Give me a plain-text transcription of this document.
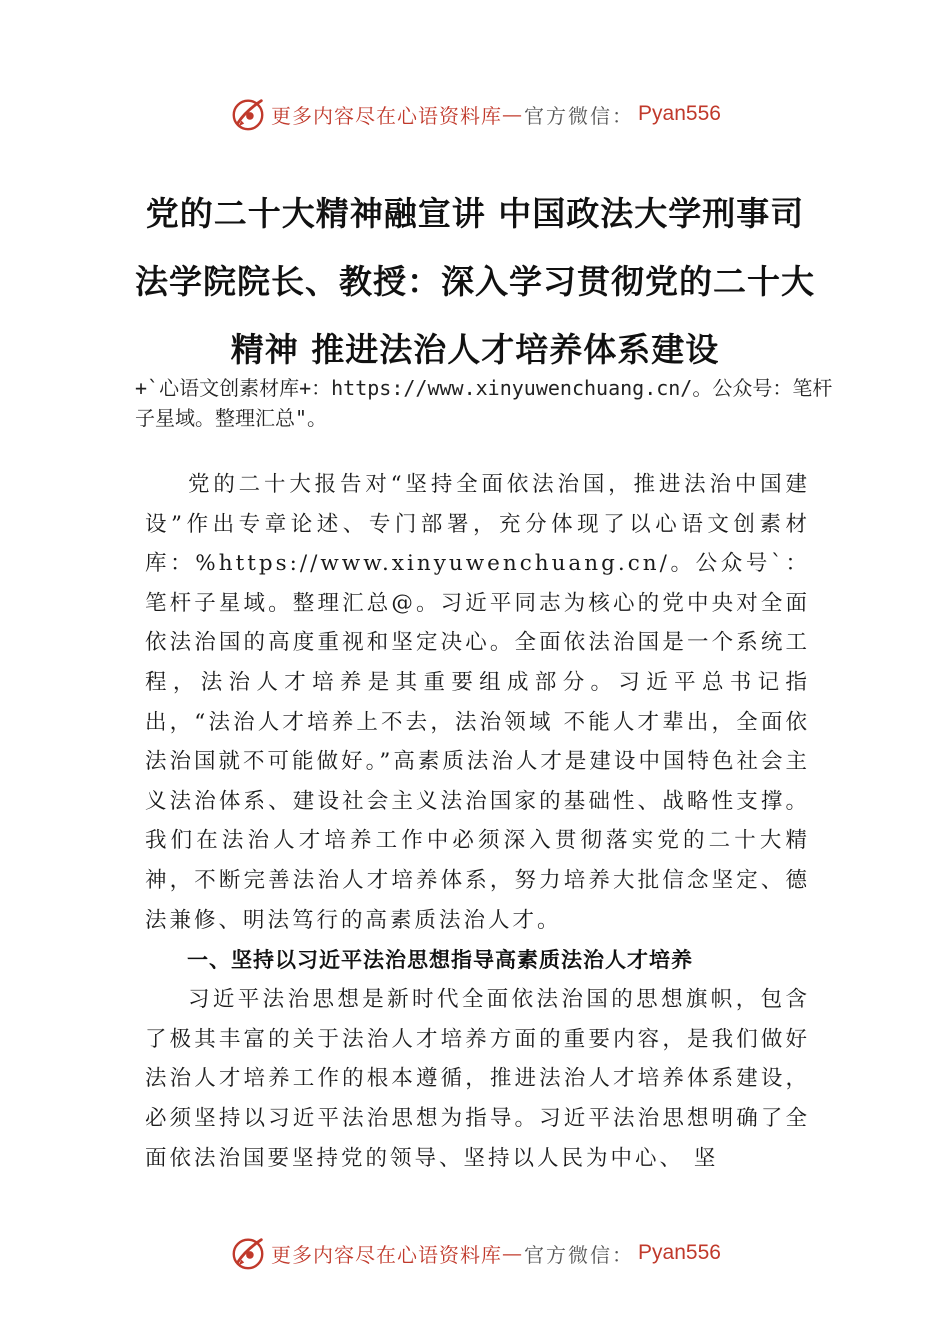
更多内容尽在心语资料库 — 官方微信： Pyan556
党的二十大精神融宣讲 中国政法大学刑事司法学院院长、教授：深入学习贯彻党的二十大精神 推进法治人才培养体系建设

+`心语文创素材库+：https://www.xinyuwenchuang.cn/。公众号：笔杆子星域。整理汇总"。

党的二十大报告对“坚持全面依法治国，推进法治中国建设”作出专章论述、专门部署，充分体现了以心语文创素材库：%https://www.xinyuwenchuang.cn/。公众号`：笔杆子星域。整理汇总@。习近平同志为核心的党中央对全面依法治国的高度重视和坚定决心。全面依法治国是一个系统工程，法治人才培养是其重要组成部分。习近平总书记指出，“法治人才培养上不去，法治领域 不能人才辈出，全面依法治国就不可能做好。”高素质法治人才是建设中国特色社会主义法治体系、建设社会主义法治国家的基础性、战略性支撑。我们在法治人才培养工作中必须深入贯彻落实党的二十大精神，不断完善法治人才培养体系，努力培养大批信念坚定、德法兼修、明法笃行的高素质法治人才。

一、坚持以习近平法治思想指导高素质法治人才培养

习近平法治思想是新时代全面依法治国的思想旗帜，包含了极其丰富的关于法治人才培养方面的重要内容，是我们做好法治人才培养工作的根本遵循，推进法治人才培养体系建设，必须坚持以习近平法治思想为指导。习近平法治思想明确了全面依法治国要坚持党的领导、坚持以人民为中心、 坚

更多内容尽在心语资料库 — 官方微信： Pyan556
